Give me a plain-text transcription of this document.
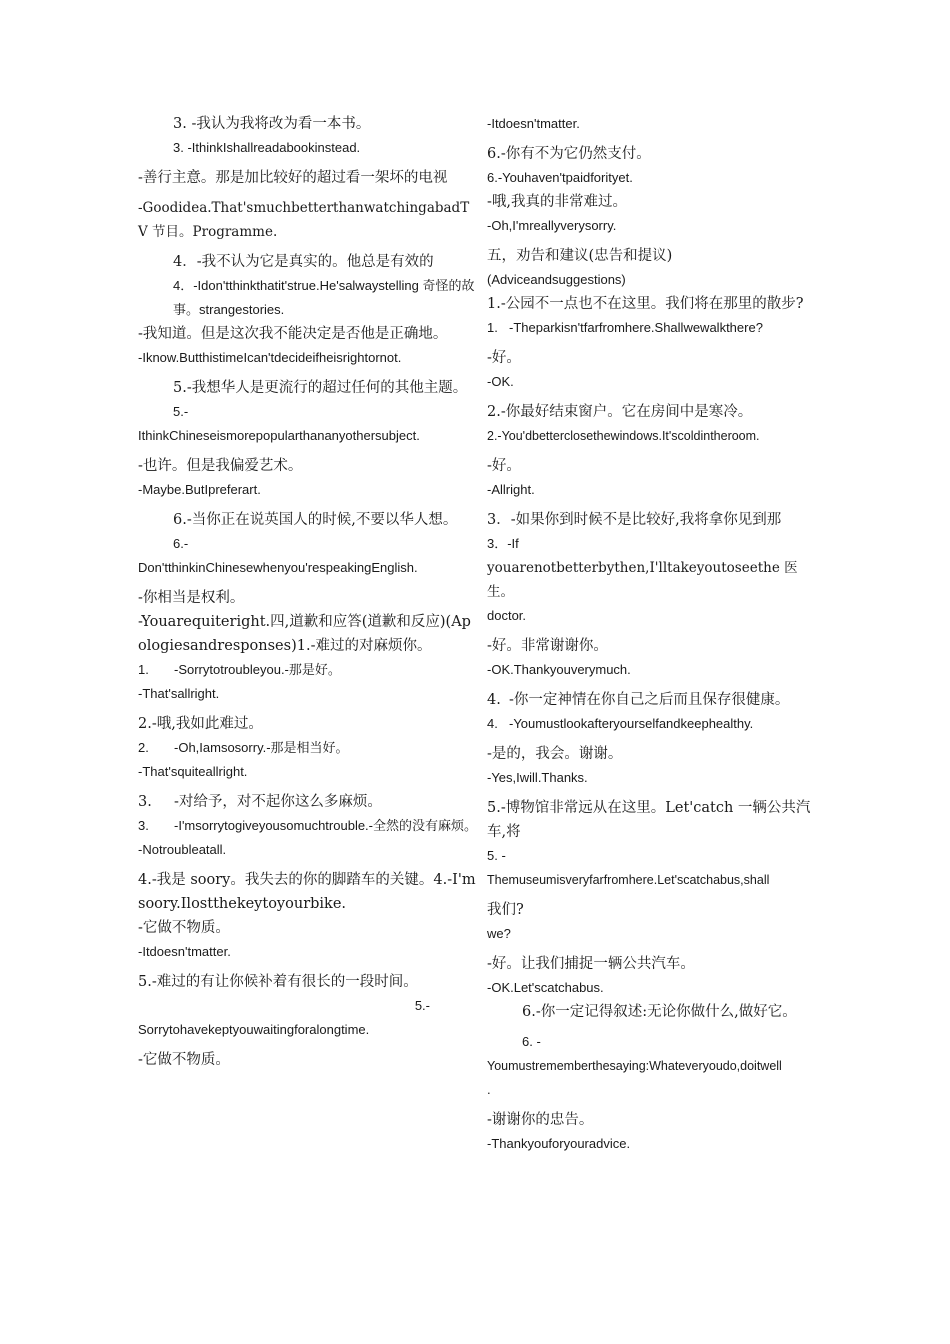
3. -我认为我将改为看一本书。

3. -IthinkIshallreadabookinstead.

-善行主意。那是加比较好的超过看一架坏的电视

-Goodidea.That'smuchbetterthanwatchingabadTV 节目。Programme.

4．-我不认为它是真实的。他总是有效的

4．-Idon'tthinkthatit'strue.He'salwaystelling 奇怪的故事。strangestories.

-我知道。但是这次我不能决定是否他是正确地。

-Iknow.ButthistimeIcan'tdecideifheisrightornot.

5.-我想华人是更流行的超过任何的其他主题。

5.-

IthinkChineseismorepopularthananyothersubject.

-也许。但是我偏爱艺术。

-Maybe.ButIpreferart.

6.-当你正在说英国人的时候,不要以华人想。

6.-

Don'tthinkinChinesewhenyou'respeakingEnglish.

-你相当是权利。

-Youarequiteright.四,道歉和应答(道歉和反应)(Apologiesandresponses)1.-难过的对麻烦你。

1. -Sorrytotroubleyou.-那是好。

-That'sallright.

2.-哦,我如此难过。

2. -Oh,Iamsosorry.-那是相当好。

-That'squiteallright.

3. -对给予，对不起你这么多麻烦。

3. -I'msorrytogiveyousomuchtrouble.-全然的没有麻烦。

-Notroubleatall.

4.-我是 soory。我失去的你的脚踏车的关键。4.-I'msoory.Ilostthekeytoyourbike.

-它做不物质。

-Itdoesn'tmatter.

5.-难过的有让你候补着有很长的一段时间。

5.-

Sorrytohavekeptyouwaitingforalongtime.

-它做不物质。

-Itdoesn'tmatter.

6.-你有不为它仍然支付。

6.-Youhaven'tpaidforityet.

-哦,我真的非常难过。

-Oh,I'mreallyverysorry.

五，劝告和建议(忠告和提议)

(Adviceandsuggestions)

1.-公园不一点也不在这里。我们将在那里的散步?

1. -Theparkisn'tfarfromhere.Shallwewalkthere?

-好。

-OK.

2.-你最好结束窗户。它在房间中是寒冷。

2.-You'dbetterclosethewindows.It'scoldintheroom.

-好。

-Allright.

3．-如果你到时候不是比较好,我将拿你见到那

3．-If

youarenotbetterbythen,I'lltakeyoutoseethe 医生。

doctor.

-好。非常谢谢你。

-OK.Thankyouverymuch.

4. -你一定神情在你自己之后而且保存很健康。

4. -Youmustlookafteryourselfandkeephealthy.

-是的，我会。谢谢。

-Yes,Iwill.Thanks.

5.-博物馆非常远从在这里。Let'catch 一辆公共汽车,将

5. -

Themuseumisveryfarfromhere.Let'scatchabus,shall

我们?

we?

-好。让我们捕捉一辆公共汽车。

-OK.Let'scatchabus.

6.-你一定记得叙述:无论你做什么,做好它。

6. -

Youmustrememberthesaying:Whateveryoudo,doitwell

.

-谢谢你的忠告。

-Thankyouforyouradvice.
